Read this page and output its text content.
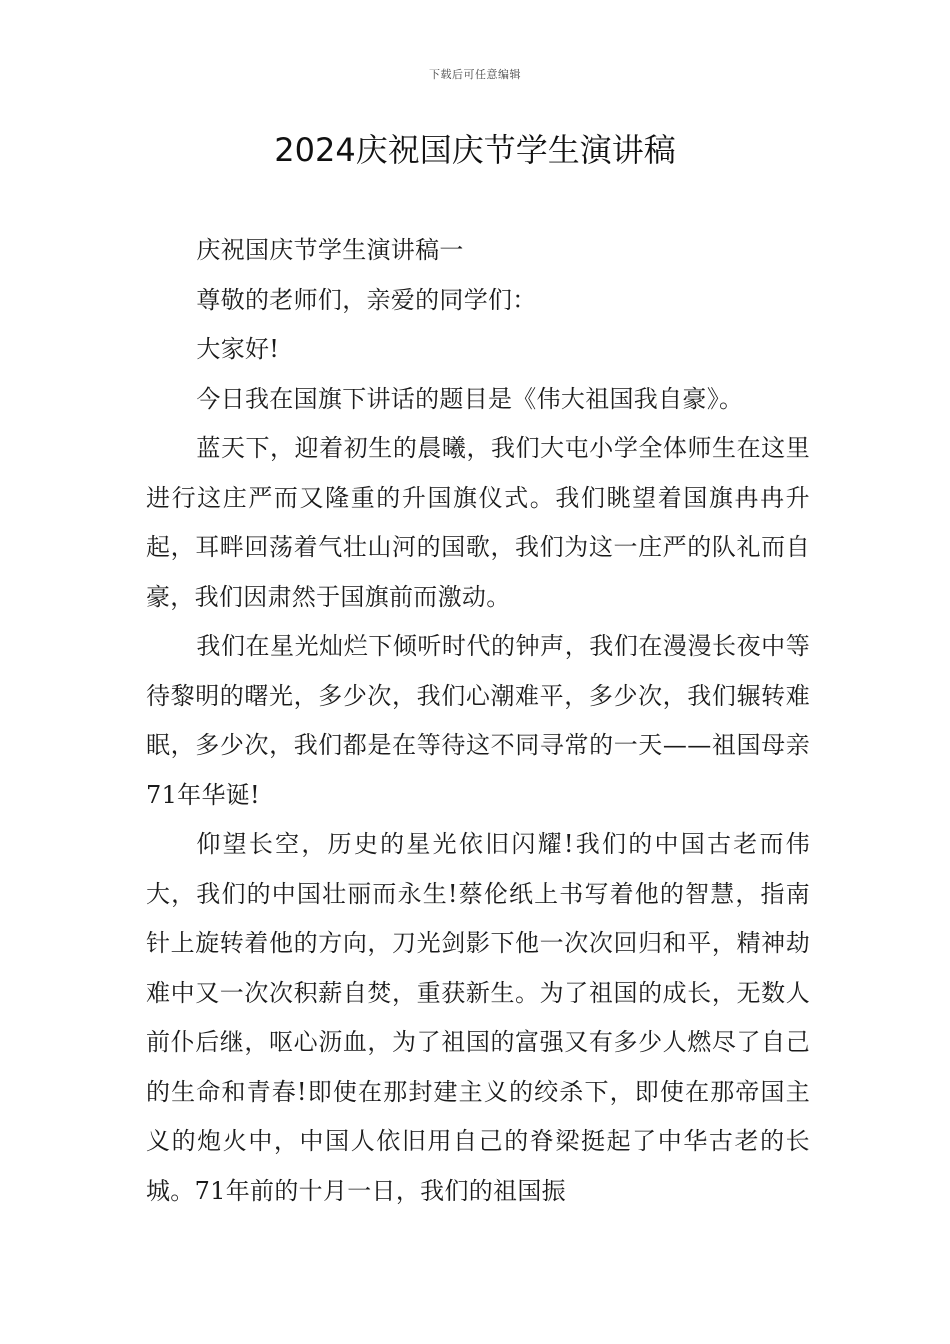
下载后可任意编辑
2024庆祝国庆节学生演讲稿

庆祝国庆节学生演讲稿一

尊敬的老师们，亲爱的同学们：

大家好!

今日我在国旗下讲话的题目是《伟大祖国我自豪》。

蓝天下，迎着初生的晨曦，我们大屯小学全体师生在这里进行这庄严而又隆重的升国旗仪式。我们眺望着国旗冉冉升起，耳畔回荡着气壮山河的国歌，我们为这一庄严的队礼而自豪，我们因肃然于国旗前而激动。

我们在星光灿烂下倾听时代的钟声，我们在漫漫长夜中等待黎明的曙光，多少次，我们心潮难平，多少次，我们辗转难眠，多少次，我们都是在等待这不同寻常的一天——祖国母亲71年华诞!

仰望长空，历史的星光依旧闪耀!我们的中国古老而伟大，我们的中国壮丽而永生!蔡伦纸上书写着他的智慧，指南针上旋转着他的方向，刀光剑影下他一次次回归和平，精神劫难中又一次次积薪自焚，重获新生。为了祖国的成长，无数人前仆后继，呕心沥血，为了祖国的富强又有多少人燃尽了自己的生命和青春!即使在那封建主义的绞杀下，即使在那帝国主义的炮火中，中国人依旧用自己的脊梁挺起了中华古老的长城。71年前的十月一日，我们的祖国振
